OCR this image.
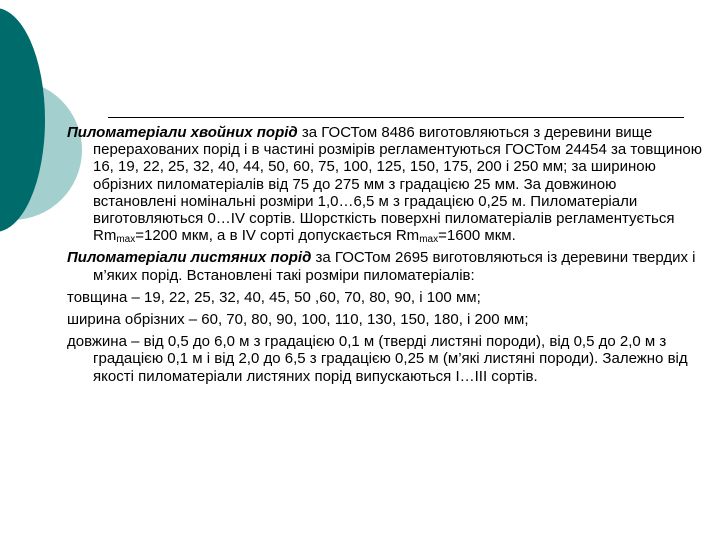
Пиломатеріали хвойних порід за ГОСТом 8486 виготовляються з деревини вище перерахованих порід і в частині розмірів регламентуються ГОСТом 24454 за товщиною 16, 19, 22, 25, 32, 40, 44, 50, 60, 75, 100, 125, 150, 175, 200 і 250 мм; за шириною обрізних пиломатеріалів від 75 до 275 мм з градацією 25 мм. За довжиною встановлені номінальні розміри 1,0…6,5 м з градацією 0,25 м. Пиломатеріали виготовляються 0…IV сортів. Шорсткість поверхні пиломатеріалів регламентується $Rm_{max}=1200$ мкм, а в IV сорті допускається $Rm_{max}=1600$ мкм.

Пиломатеріали листяних порід за ГОСТом 2695 виготовляються із деревини твердих і м’яких порід. Встановлені такі розміри пиломатеріалів:

товщина – 19, 22, 25, 32, 40, 45, 50 ,60, 70, 80, 90, і 100 мм;

ширина обрізних – 60, 70, 80, 90, 100, 110, 130, 150, 180, і 200 мм;

довжина – від 0,5 до 6,0 м з градацією 0,1 м (тверді листяні породи), від 0,5 до 2,0 м з градацією 0,1 м і від 2,0 до 6,5 з градацією 0,25 м (м’які листяні породи). Залежно від якості пиломатеріали листяних порід випускаються I…III сортів.
